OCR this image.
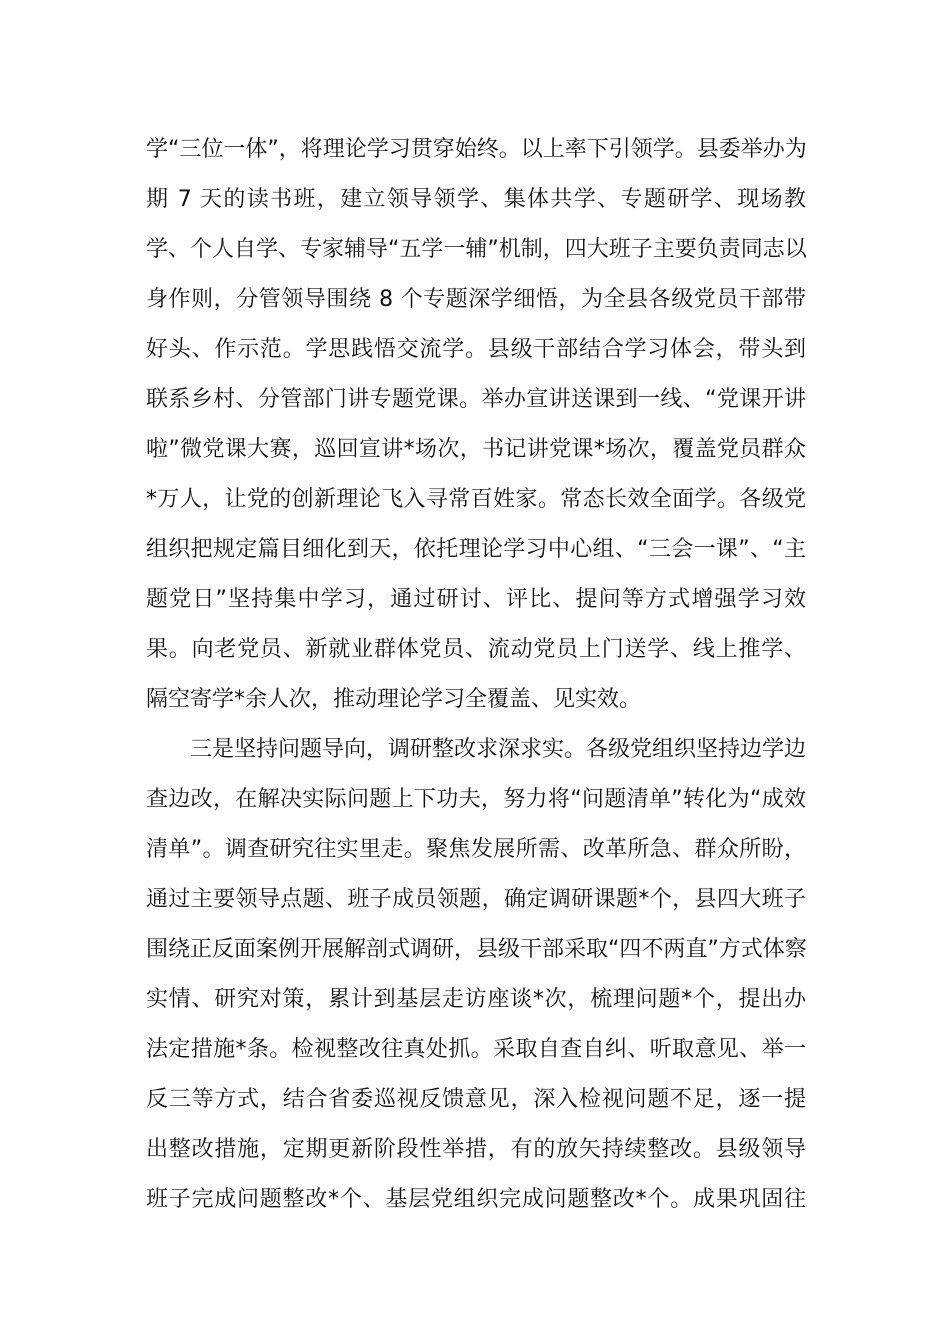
学“三位一体”，将理论学习贯穿始终。以上率下引领学。县委举办为
期 7 天的读书班，建立领导领学、集体共学、专题研学、现场教
学、个人自学、专家辅导“五学一辅”机制，四大班子主要负责同志以
身作则，分管领导围绕 8 个专题深学细悟，为全县各级党员干部带
好头、作示范。学思践悟交流学。县级干部结合学习体会，带头到
联系乡村、分管部门讲专题党课。举办宣讲送课到一线、“党课开讲
啦”微党课大赛，巡回宣讲*场次，书记讲党课*场次，覆盖党员群众
*万人，让党的创新理论飞入寻常百姓家。常态长效全面学。各级党
组织把规定篇目细化到天，依托理论学习中心组、“三会一课”、“主
题党日”坚持集中学习，通过研讨、评比、提问等方式增强学习效
果。向老党员、新就业群体党员、流动党员上门送学、线上推学、
隔空寄学*余人次，推动理论学习全覆盖、见实效。
三是坚持问题导向，调研整改求深求实。各级党组织坚持边学边
查边改，在解决实际问题上下功夫，努力将“问题清单”转化为“成效
清单”。调查研究往实里走。聚焦发展所需、改革所急、群众所盼，
通过主要领导点题、班子成员领题，确定调研课题*个，县四大班子
围绕正反面案例开展解剖式调研，县级干部采取“四不两直”方式体察
实情、研究对策，累计到基层走访座谈*次，梳理问题*个，提出办
法定措施*条。检视整改往真处抓。采取自查自纠、听取意见、举一
反三等方式，结合省委巡视反馈意见，深入检视问题不足，逐一提
出整改措施，定期更新阶段性举措，有的放矢持续整改。县级领导
班子完成问题整改*个、基层党组织完成问题整改*个。成果巩固往
